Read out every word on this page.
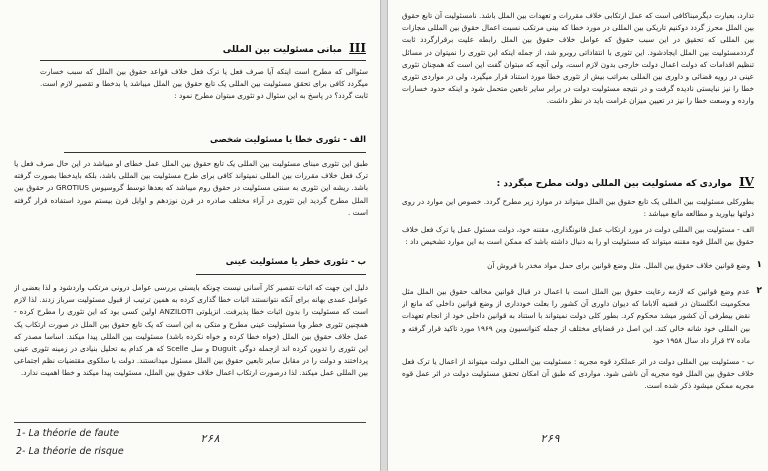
III مبانی مسئولیت بین المللی
سئوالی که مطرح است اینکه آیا صرف فعل یا ترک فعل خلاف قواعد حقوق بین الملل که سبب خسارت میگردد کافی برای تحقق مسئولیت بین المللی یک تابع حقوق بین الملل میباشد یا بدخطا و تقصیر لازم است. ثابت گردد؟ در پاسخ به این سئوال دو تئوری مبتوان مطرح نمود :
الف - تئوری خطا یا مسئولیت شخصی
طبق این تئوری مبنای مسئولیت بین المللی یک تابع حقوق بین الملل عمل خطای او میباشد در این حال صرف فعل یا ترک فعل خلاف مقررات بین المللی نمیتواند کافی برای طرح مسئولیت بین المللی باشد، بلکه بایدخطا بصورت گرفته باشد. ریشه این تئوری به سنتی مسئولیت در حقوق روم میباشد که بعدها توسط گروسیوس GROTIUS در حقوق بین الملل مطرح گردید این تئوری در آراء مختلف صادره در قرن نوزدهم و اوایل قرن بیستم مورد استفاده قرار گرفته است .
ب - تئوری خطر یا مسئولیت عینی
دلیل این جهت که اثبات تقصیر کار آسانی نیست چونکه بایستی بررسی عوامل درونی مرتکب واردشود و لذا بعضی از عوامل عمدی بهانه برای آنکه نتوانستند اثبات خطا گذاری کرده به همین ترتیب از قبول مسئولیت سرباز زدند. لذا لازم است که مسئولیت را بدون اثبات خطا پذیرفت. انزیلوتی ANZILOTI اولین کسی بود که این تئوری را مطرح کرده - همچنین تئوری خطر ویا مسئولیت عینی مطرح و متکی به این است که یک تابع حقوق بین الملل در صورت ارتکاب یک عمل خلاف حقوق بین الملل (خواه خطا کرده و خواه نکرده باشد) مسئولیت بین المللی پیدا میکند. اساسا مصدر که این تئوری را تدوین کرده اند ازجمله دوگی Duguit و سل Scelle که هر کدام به تحلیل بنیادی در زمینه تئوری عینی پرداختند و دولت را در مقابل سایر تابعین حقوق بین الملل مسئول میدانستند. دولت با سلکوی مقتضیات نظم اجتماعی بین المللی عمل میکند. لذا درصورت ارتکاب اعمال خلاف حقوق بین الملل، مسئولیت پیدا میکند و خطا اهمیت ندارد.
1- La théorie de faute
2- La théorie de risque
۲۶۸
تدارد، بعبارت دیگرمبناکافی است که عمل ارتکابی خلاف مقررات و تعهدات بین الملل باشد. نامسئولیت آن تابع حقوق بین الملل محرز گردد دوکنیم تاریکی بین المللی در مورد خطا که بینی مرتکب نسبت اعمال حقوق بین المللی مجازات بین المللی که تحقیق در این سبب حقوق که عوامل خلاف حقوق بین الملل رابطه علیت برقرارگردد ثابت گرددمسئولیت بین الملل ایجادشود. این تئوری با انتقاداتی روبرو شد، از جمله اینکه این تئوری را نمیتوان در مسائل تنظیم اقدامات که دولت اعمال دولت خارجی بدون لازم است، ولی آنچه که مبتوان گفت این است که همچنان تئوری عینی در رویه قضائی و داوری بین المللی بمراتب بیش از تئوری خطا مورد استناد قرار میگیرد، ولی در مواردی تئوری خطا را نیز نبایستی نادیده گرفت و در نتیجه مسئولیت دولت در برابر سایر تابعین متحمل شود و اینکه حدود خسارات وارده و وسعت خطا را نیز در تعیین میزان غرامت باید در نظر داشت.
IV مواردی که مسئولیت بین المللی دولت مطرح میگردد :
بطورکلی مسئولیت بین المللی یک تابع حقوق بین الملل میتواند در موارد زیر مطرح گردد. خصوص این موارد در روی دولتها بیاورید و مطالعه مانع میباشد :
الف - مسئولیت بین المللی دولت در مورد ارتکاب عمل قانونگذاری، مقننه خود، دولت مسئول عمل یا ترک فعل خلاف حقوق بین الملل قوه مقننه میتواند که مسئولیت او را به دنبال داشته باشد که ممکن است به این موارد تشخیص داد :
۱
وضع قوانین خلاف حقوق بین الملل. مثل وضع قوانین برای حمل مواد مخدر با فروش آن
۲
عدم وضع قوانین که لازمه رعایت حقوق بین الملل است با اعمال در قبال قوانین مخالف حقوق بین الملل مثل محکومیت انگلستان در قضیه آلاباما که دیوان داوری آن کشور را بعلت خودداری از وضع قوانین داخلی که مانع از نقض بیطرفی آن کشور میشد محکوم کرد. بطور کلی دولت نمیتواند با استناد به قوانین داخلی خود از انجام تعهدات بین المللی خود شانه خالی کند. این اصل در قضایای مختلف از جمله کنوانسیون وین ۱۹۶۹ مورد تاکید قرار گرفته و ماده ۲۷ قرار داد سال ۱۹۵۸ خود
ب - مسئولیت بین المللی دولت در اثر عملکرد قوه مجریه : مسئولیت بین المللی دولت میتواند از اعمال یا ترک فعل خلاف حقوق بین الملل قوه مجریه آن ناشی شود. مواردی که طبق آن امکان تحقق مسئولیت دولت در اثر عمل قوه مجریه ممکن میشود ذکر شده است.
۲۶۹
